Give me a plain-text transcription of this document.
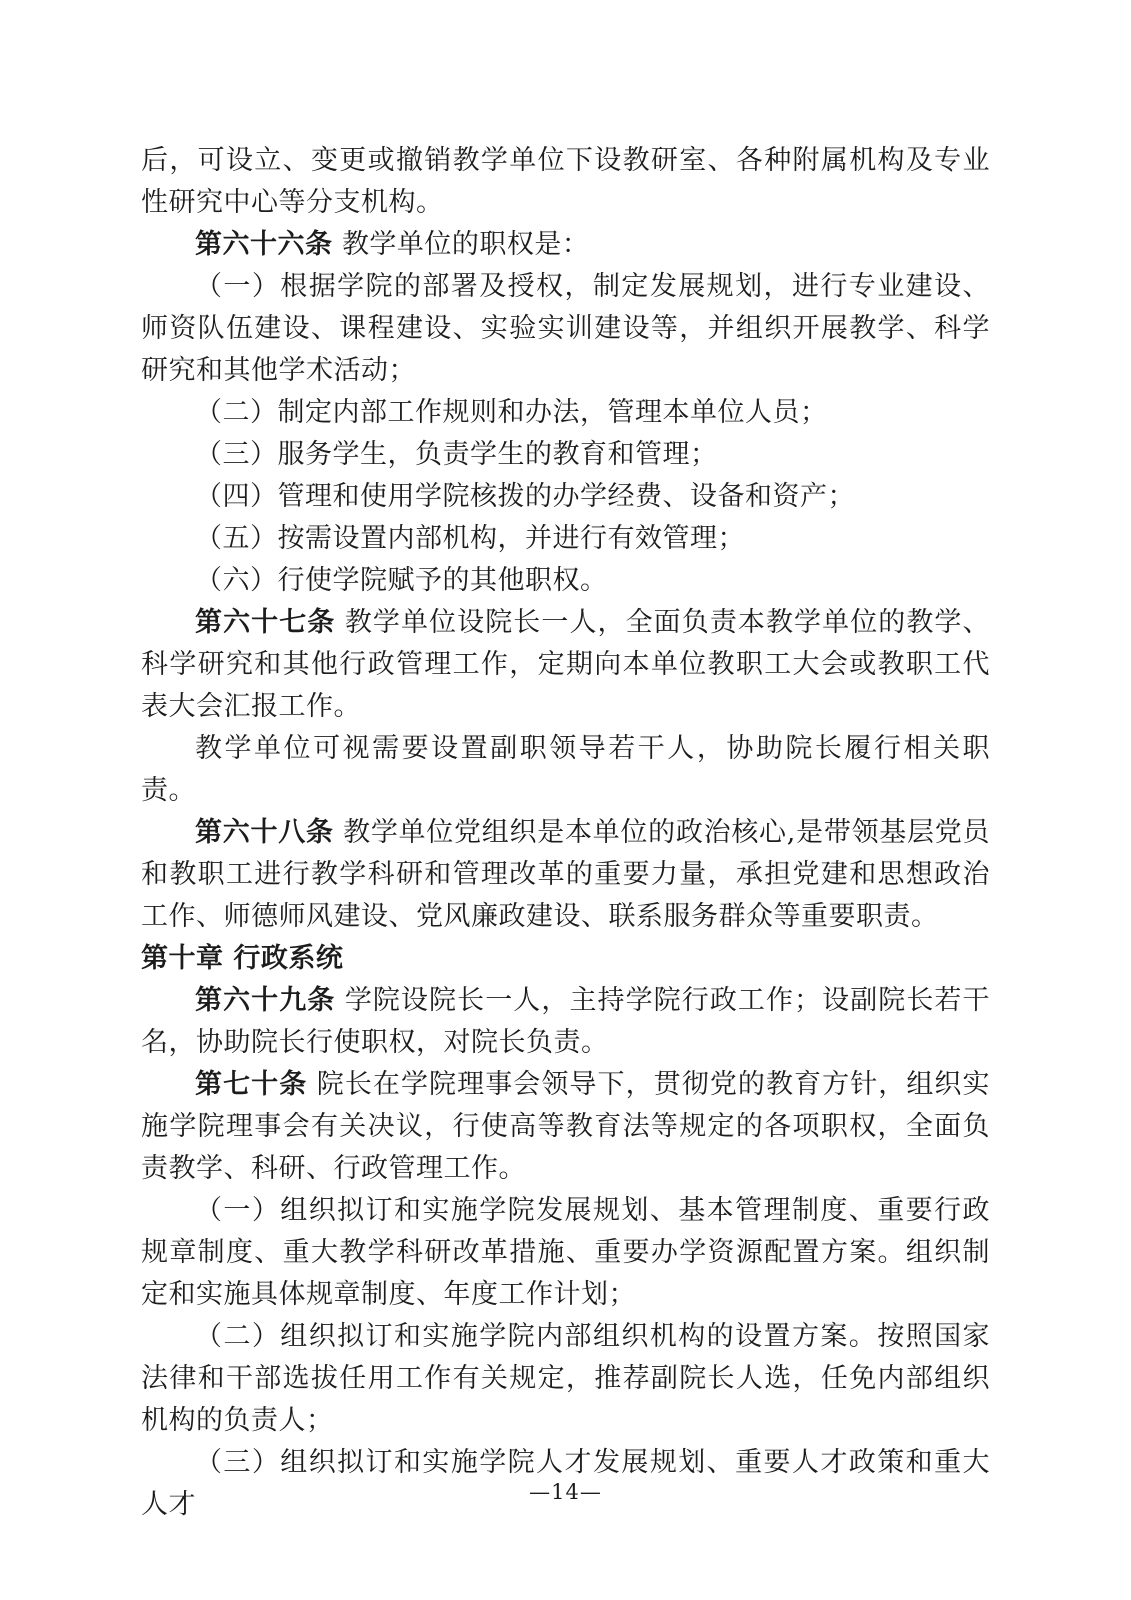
后，可设立、变更或撤销教学单位下设教研室、各种附属机构及专业性研究中心等分支机构。

第六十六条 教学单位的职权是：

（一）根据学院的部署及授权，制定发展规划，进行专业建设、师资队伍建设、课程建设、实验实训建设等，并组织开展教学、科学研究和其他学术活动；

（二）制定内部工作规则和办法，管理本单位人员；

（三）服务学生，负责学生的教育和管理；

（四）管理和使用学院核拨的办学经费、设备和资产；

（五）按需设置内部机构，并进行有效管理；

（六）行使学院赋予的其他职权。

第六十七条 教学单位设院长一人，全面负责本教学单位的教学、科学研究和其他行政管理工作，定期向本单位教职工大会或教职工代表大会汇报工作。

教学单位可视需要设置副职领导若干人，协助院长履行相关职责。

第六十八条 教学单位党组织是本单位的政治核心,是带领基层党员和教职工进行教学科研和管理改革的重要力量，承担党建和思想政治工作、师德师风建设、党风廉政建设、联系服务群众等重要职责。

第十章 行政系统

第六十九条 学院设院长一人，主持学院行政工作；设副院长若干名，协助院长行使职权，对院长负责。

第七十条 院长在学院理事会领导下，贯彻党的教育方针，组织实施学院理事会有关决议，行使高等教育法等规定的各项职权，全面负责教学、科研、行政管理工作。

（一）组织拟订和实施学院发展规划、基本管理制度、重要行政规章制度、重大教学科研改革措施、重要办学资源配置方案。组织制定和实施具体规章制度、年度工作计划；

（二）组织拟订和实施学院内部组织机构的设置方案。按照国家法律和干部选拔任用工作有关规定，推荐副院长人选，任免内部组织机构的负责人；

（三）组织拟订和实施学院人才发展规划、重要人才政策和重大人才	—14—
